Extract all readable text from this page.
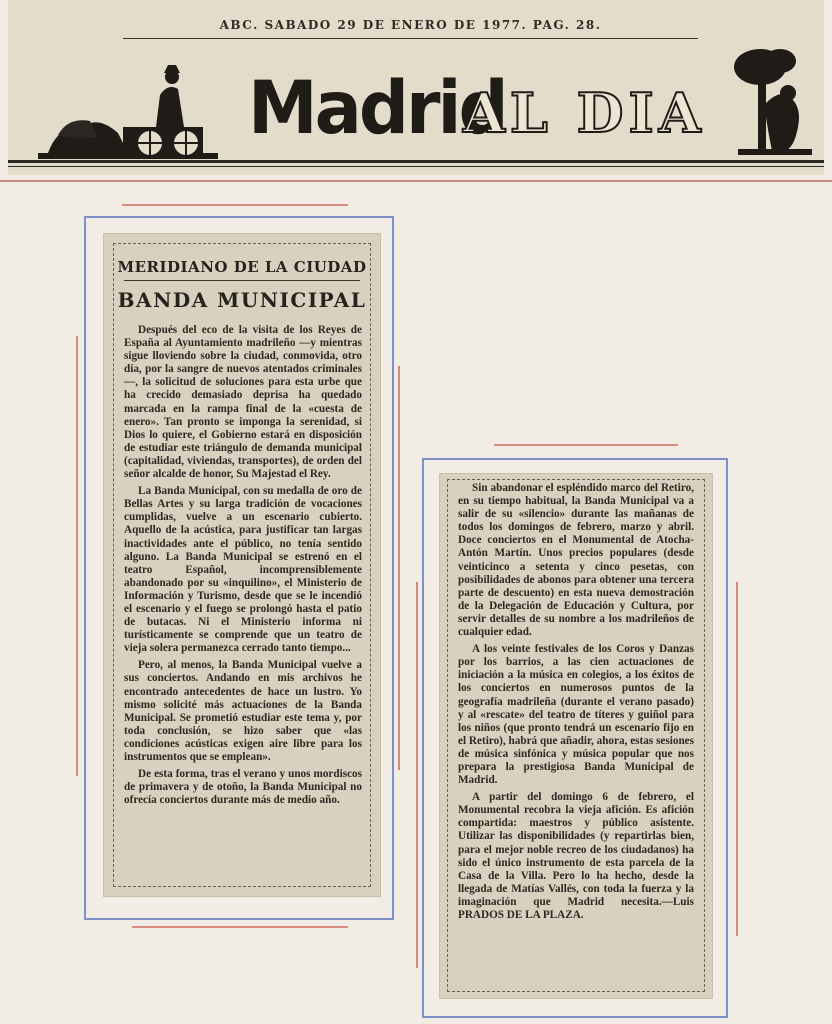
ABC. SABADO 29 DE ENERO DE 1977. PAG. 28.
Madrid
AL DIA
MERIDIANO DE LA CIUDAD
BANDA MUNICIPAL

Después del eco de la visita de los Reyes de España al Ayuntamiento madrileño —y mientras sigue lloviendo sobre la ciudad, conmovida, otro día, por la sangre de nuevos atentados criminales—, la solicitud de soluciones para esta urbe que ha crecido demasiado deprisa ha quedado marcada en la rampa final de la «cuesta de enero». Tan pronto se imponga la serenidad, si Dios lo quiere, el Gobierno estará en disposición de estudiar este triángulo de demanda municipal (capitalidad, viviendas, transportes), de orden del señor alcalde de honor, Su Majestad el Rey.

La Banda Municipal, con su medalla de oro de Bellas Artes y su larga tradición de vocaciones cumplidas, vuelve a un escenario cubierto. Aquello de la acústica, para justificar tan largas inactividades ante el público, no tenía sentido alguno. La Banda Municipal se estrenó en el teatro Español, incomprensiblemente abandonado por su «inquilino», el Ministerio de Información y Turismo, desde que se le incendió el escenario y el fuego se prolongó hasta el patio de butacas. Ni el Ministerio informa ni turísticamente se comprende que un teatro de vieja solera permanezca cerrado tanto tiempo...

Pero, al menos, la Banda Municipal vuelve a sus conciertos. Andando en mis archivos he encontrado antecedentes de hace un lustro. Yo mismo solicité más actuaciones de la Banda Municipal. Se prometió estudiar este tema y, por toda conclusión, se hizo saber que «las condiciones acústicas exigen aire libre para los instrumentos que se emplean».

De esta forma, tras el verano y unos mordiscos de primavera y de otoño, la Banda Municipal no ofrecía conciertos durante más de medio año.

Sin abandonar el espléndido marco del Retiro, en su tiempo habitual, la Banda Municipal va a salir de su «silencio» durante las mañanas de todos los domingos de febrero, marzo y abril. Doce conciertos en el Monumental de Atocha-Antón Martín. Unos precios populares (desde veinticinco a setenta y cinco pesetas, con posibilidades de abonos para obtener una tercera parte de descuento) en esta nueva demostración de la Delegación de Educación y Cultura, por servir detalles de su nombre a los madrileños de cualquier edad.

A los veinte festivales de los Coros y Danzas por los barrios, a las cien actuaciones de iniciación a la música en colegios, a los éxitos de los conciertos en numerosos puntos de la geografía madrileña (durante el verano pasado) y al «rescate» del teatro de títeres y guiñol para los niños (que pronto tendrá un escenario fijo en el Retiro), habrá que añadir, ahora, estas sesiones de música sinfónica y música popular que nos prepara la prestigiosa Banda Municipal de Madrid.

A partir del domingo 6 de febrero, el Monumental recobra la vieja afición. Es afición compartida: maestros y público asistente. Utilizar las disponibilidades (y repartirlas bien, para el mejor noble recreo de los ciudadanos) ha sido el único instrumento de esta parcela de la Casa de la Villa. Pero lo ha hecho, desde la llegada de Matías Vallés, con toda la fuerza y la imaginación que Madrid necesita.—Luis PRADOS DE LA PLAZA.
